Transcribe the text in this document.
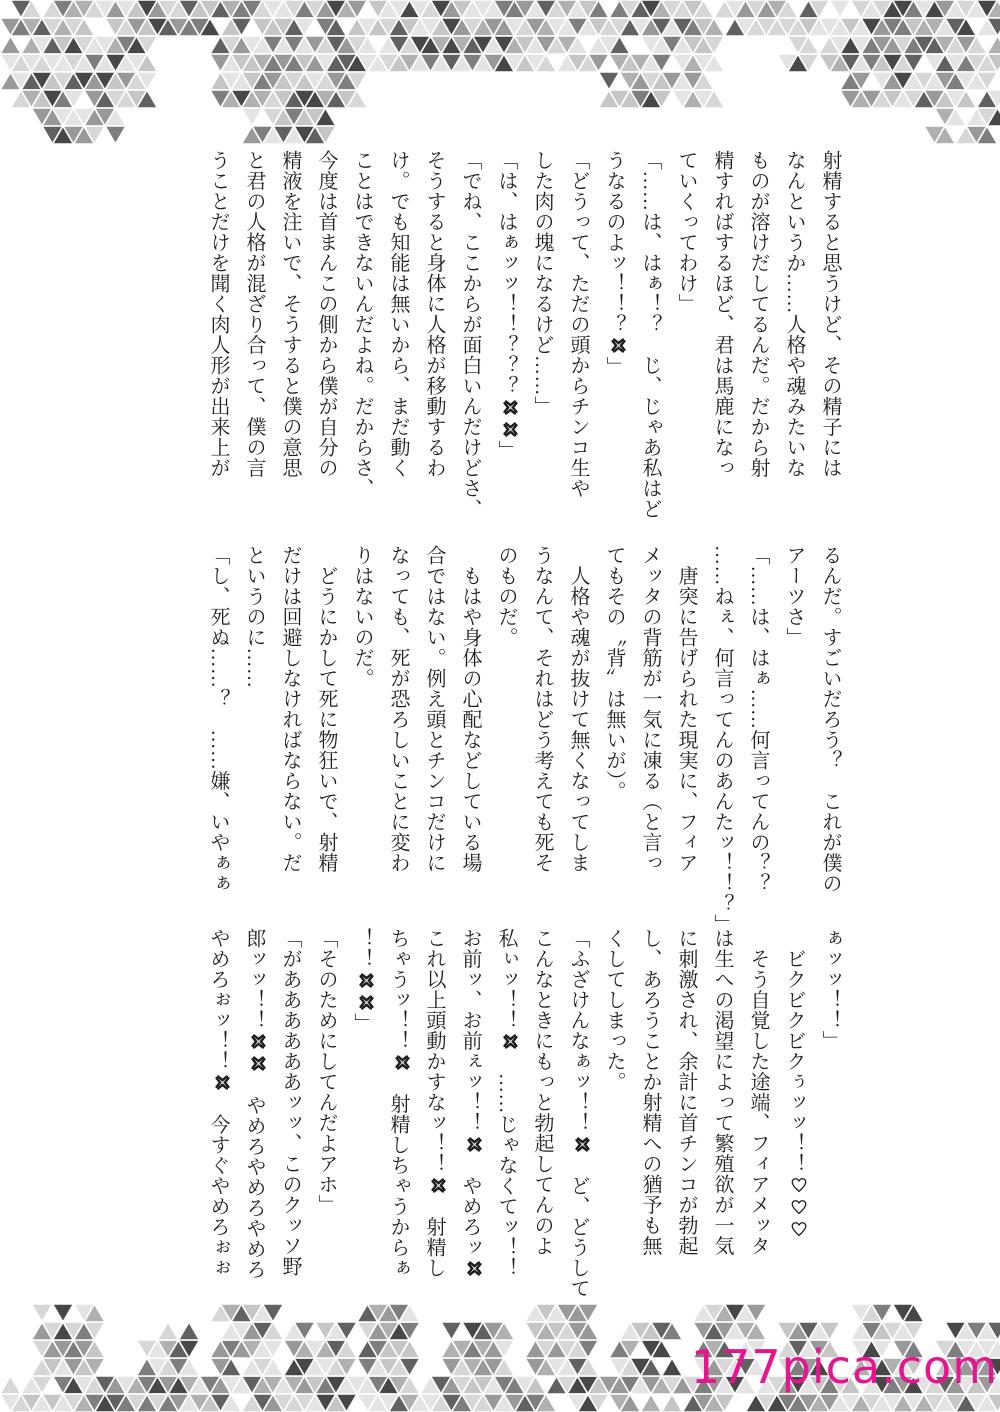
射精すると思うけど、その精子には
なんというか……人格や魂みたいな
ものが溶けだしてるんだ。だから射
精すればするほど、君は馬鹿になっ
ていくってわけ」
「……は、はぁ！？　じ、じゃあ私はど
うなるのよッ！！？」
「どうって、ただの頭からチンコ生や
した肉の塊になるけど……」
「は、はぁッッ！！？？？」
「でね、ここからが面白いんだけどさ、
そうすると身体に人格が移動するわ
け。でも知能は無いから、まだ動く
ことはできないんだよね。だからさ、
今度は首まんこの側から僕が自分の
精液を注いで、そうすると僕の意思
と君の人格が混ざり合って、僕の言
うことだけを聞く肉人形が出来上が
るんだ。すごいだろう？　これが僕の
アーツさ」
「……は、はぁ……何言ってんの？？
……ねぇ、何言ってんのあんたッ！！？」
　唐突に告げられた現実に、フィア
メッタの背筋が一気に凍る（と言っ
てもその〝背〟は無いが）。
　人格や魂が抜けて無くなってしま
うなんて、それはどう考えても死そ
のものだ。
　もはや身体の心配などしている場
合ではない。例え頭とチンコだけに
なっても、死が恐ろしいことに変わ
りはないのだ。
　どうにかして死に物狂いで、射精
だけは回避しなければならない。だ
というのに……
「し、死ぬ……？　……嫌、いやぁぁ
ぁッッ！！」
　ビクビクビクぅッッ！！
　そう自覚した途端、フィアメッタ
は生への渇望によって繁殖欲が一気
に刺激され、余計に首チンコが勃起
し、あろうことか射精への猶予も無
くしてしまった。
「ふざけんなぁッ！！　ど、どうして
こんなときにもっと勃起してんのよ
私ぃッ！！　……じゃなくてッ！！
お前ッ、お前ぇッ！！　やめろッ
これ以上頭動かすなッ！！　射精し
ちゃうッ！！　射精しちゃうからぁ
！！」
「そのためにしてんだよアホ」
「がああああああッッ、このクッソ野
郎ッッ！！　やめろやめろやめろ
やめろぉッ！！　今すぐやめろぉぉ
177pica.com
